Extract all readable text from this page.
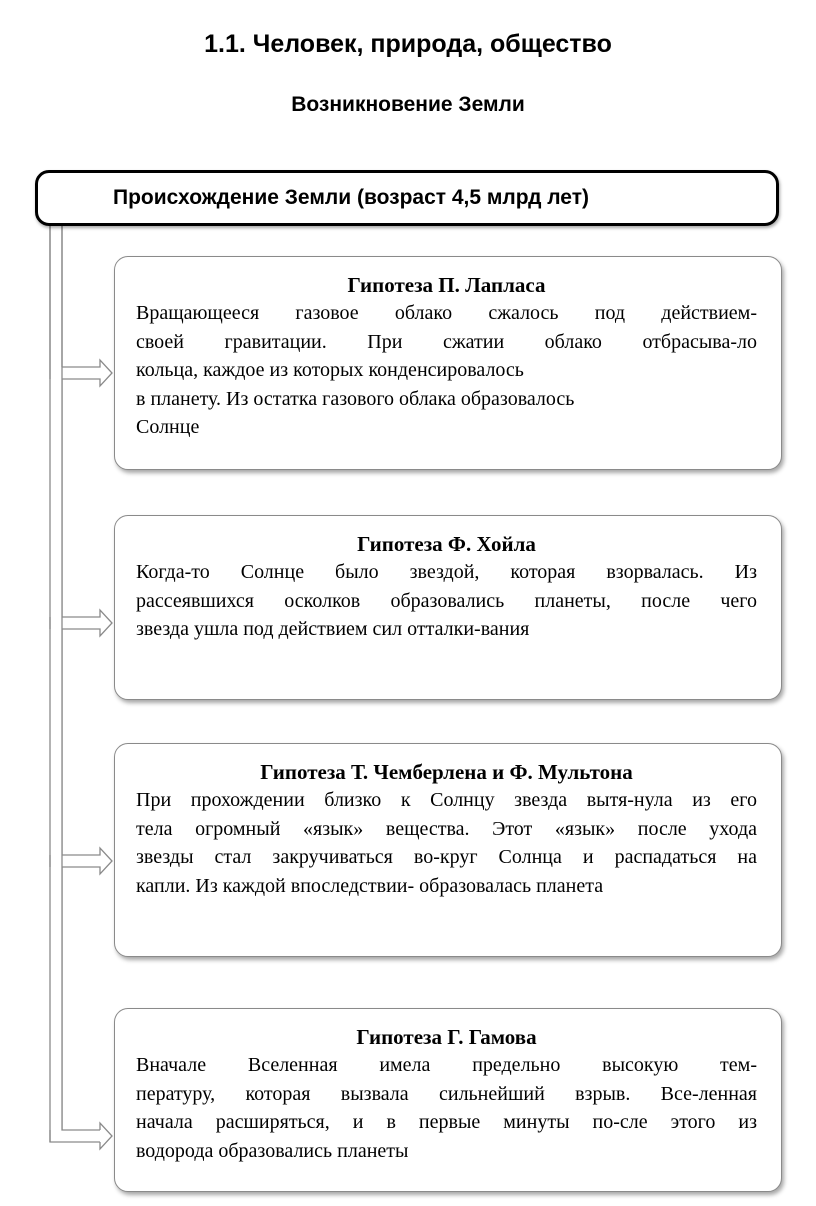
1.1. Человек, природа, общество
Возникновение Земли
Происхождение Земли (возраст 4,5 млрд лет)
Гипотеза П. Лапласа
Вращающееся газовое облако сжалось под действием-
своей гравитации. При сжатии облако отбрасыва-ло
кольца, каждое из которых конденсировалось
в планету. Из остатка газового облака образовалось
Солнце
Гипотеза Ф. Хойла
Когда-то Солнце было звездой, которая взорвалась. Из
рассеявшихся осколков образовались планеты, после чего
звезда ушла под действием сил отталки-вания
Гипотеза Т. Чемберлена и Ф. Мультона
При прохождении близко к Солнцу звезда вытя-нула из его
тела огромный «язык» вещества. Этот «язык» после ухода
звезды стал закручиваться во-круг Солнца и распадаться на
капли. Из каждой впоследствии- образовалась планета
Гипотеза Г. Гамова
Вначале Вселенная имела предельно высокую тем-
пературу, которая вызвала сильнейший взрыв. Все-ленная
начала расширяться, и в первые минуты по-сле этого из
водорода образовались планеты
